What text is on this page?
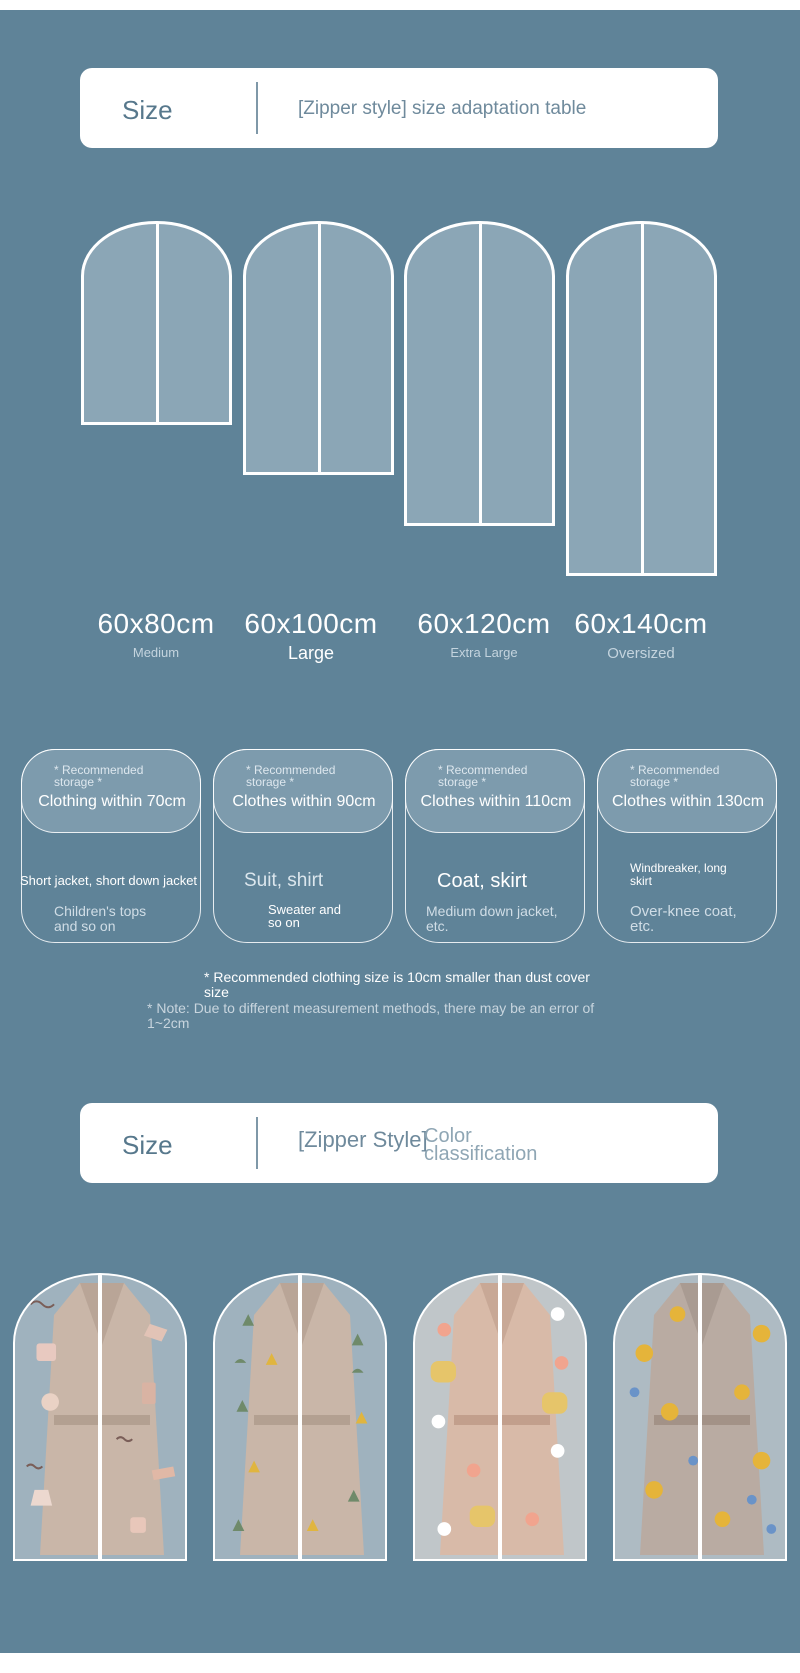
Size	[Zipper style] size adaptation table
60x80cm
Medium
60x100cm
Large
60x120cm
Extra Large
60x140cm
Oversized
* Recommended storage *
Clothing within 70cm
Short jacket, short down jacket
Children's tops and so on
* Recommended storage *
Clothes within 90cm
Suit, shirt
Sweater and so on
* Recommended storage *
Clothes within 110cm
Coat, skirt
Medium down jacket, etc.
* Recommended storage *
Clothes within 130cm
Windbreaker, long skirt
Over-knee coat, etc.
* Recommended clothing size is 10cm smaller than dust cover size
* Note: Due to different measurement methods, there may be an error of 1~2cm
Size	[Zipper Style]
Color classification
